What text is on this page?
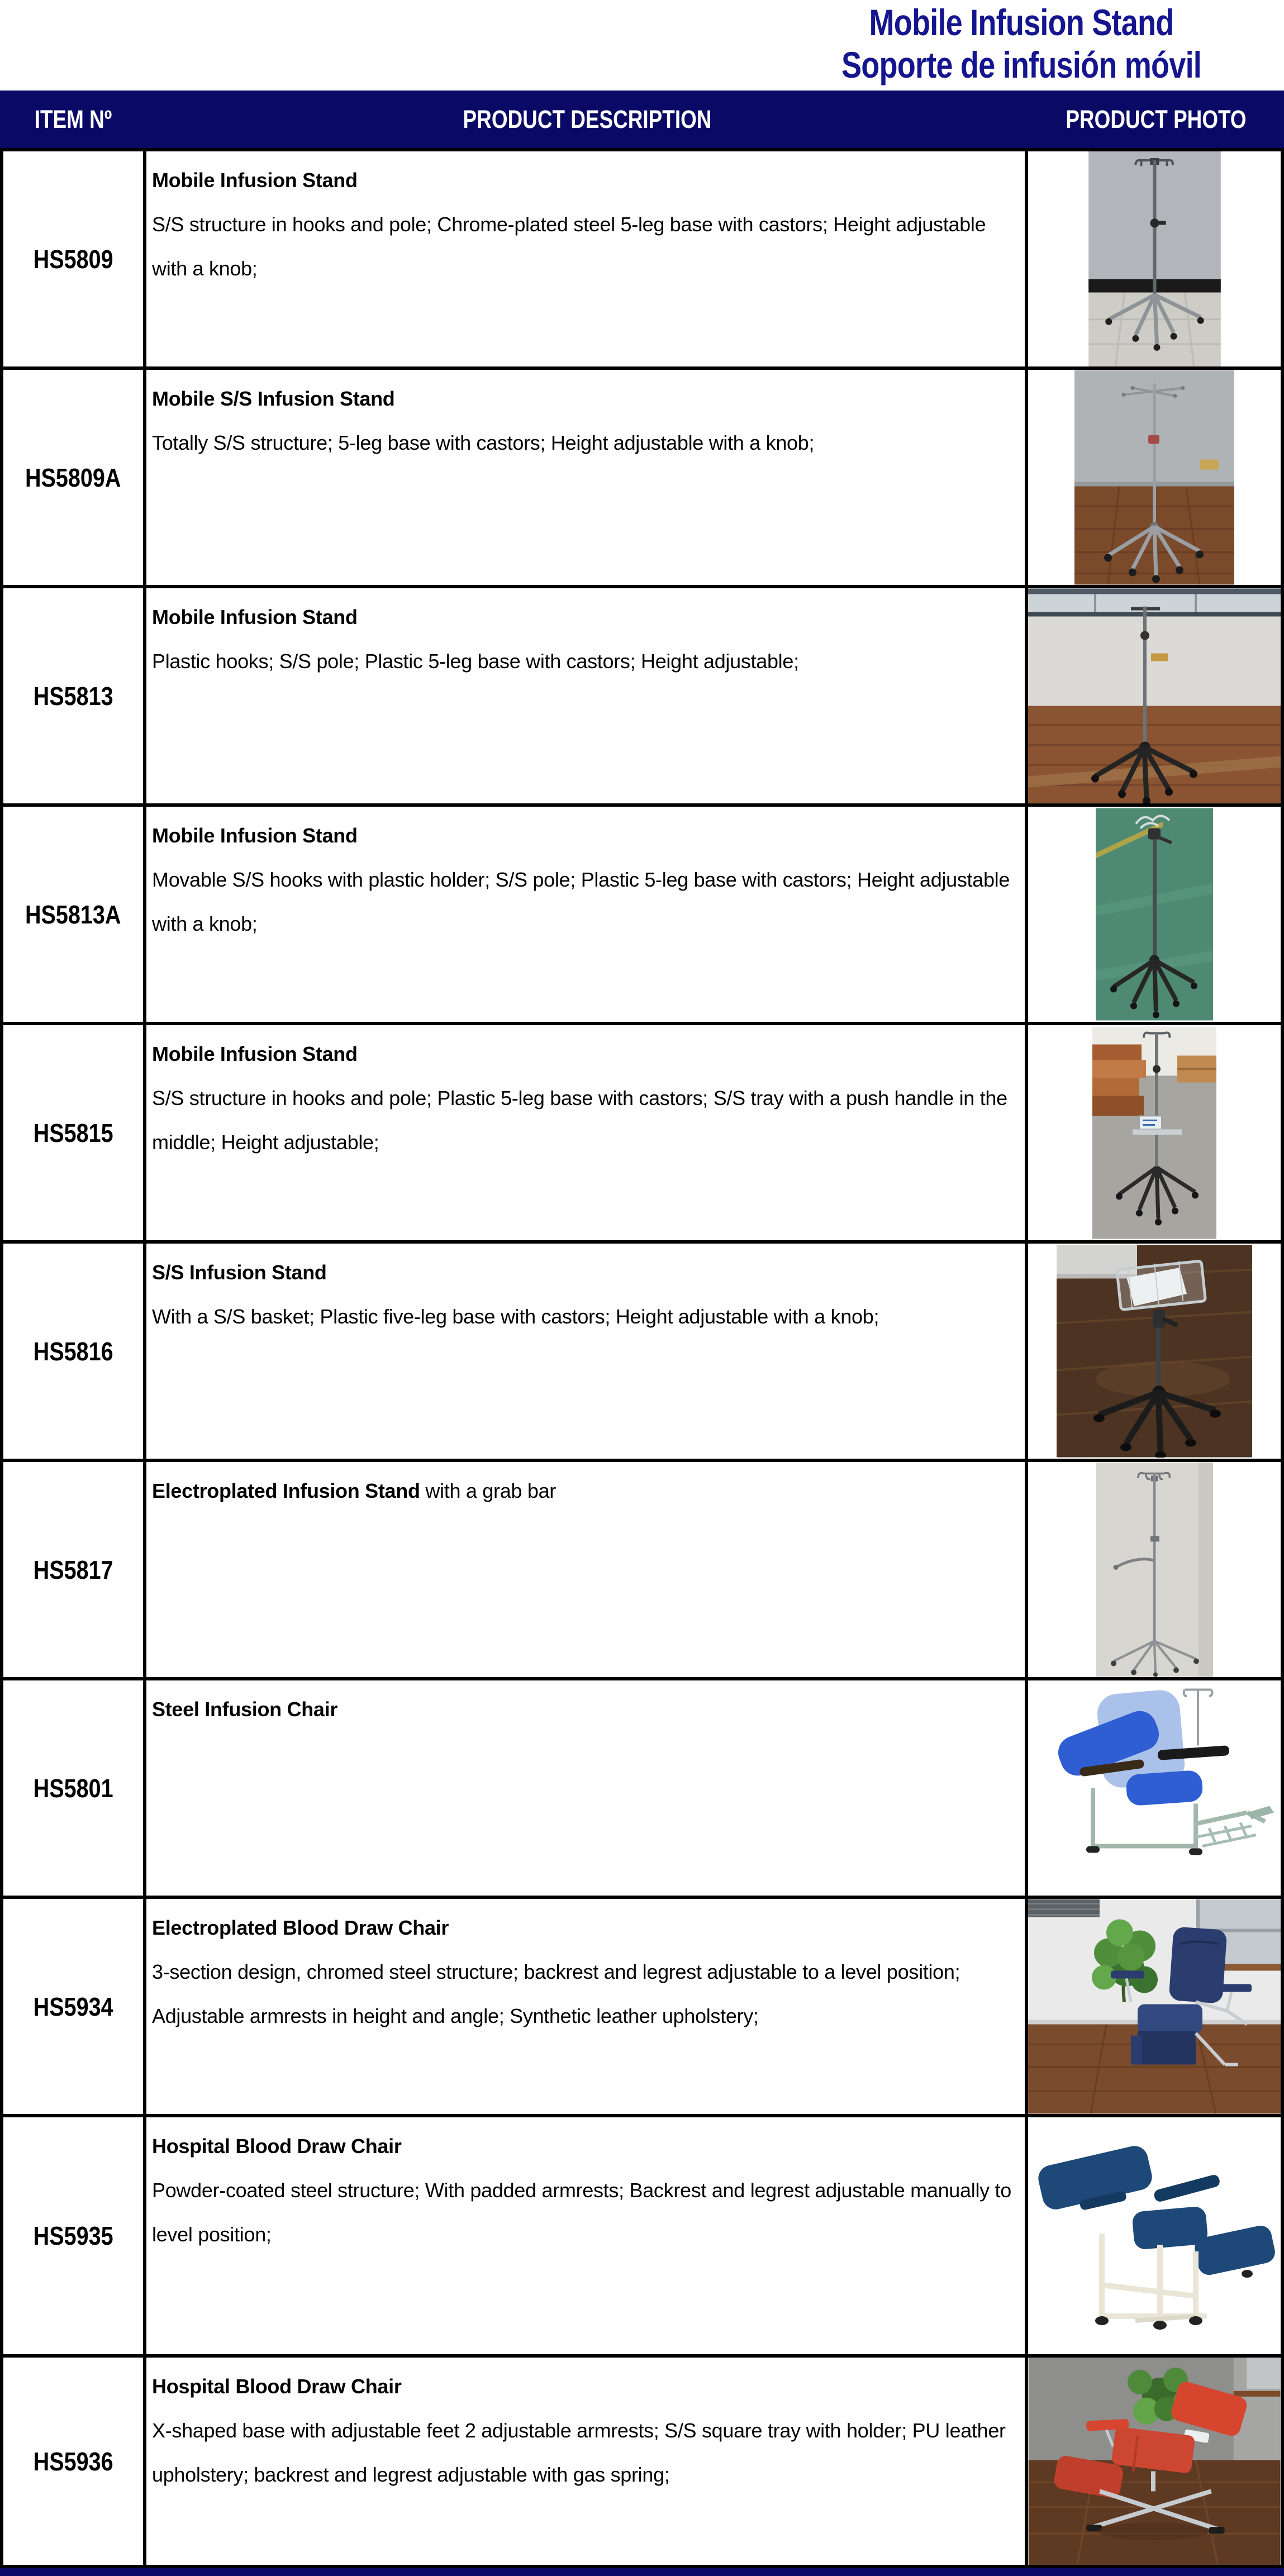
Mobile Infusion Stand
Soporte de infusión móvil
ITEM Nº	PRODUCT DESCRIPTION	PRODUCT PHOTO
HS5809
Mobile Infusion Stand
S/S structure in hooks and pole; Chrome-plated steel 5-leg base with castors; Height adjustable with a knob;
HS5809A
Mobile S/S Infusion Stand
Totally S/S structure; 5-leg base with castors; Height adjustable with a knob;
HS5813
Mobile Infusion Stand
Plastic hooks; S/S pole; Plastic 5-leg base with castors; Height adjustable;
HS5813A
Mobile Infusion Stand
Movable S/S hooks with plastic holder; S/S pole; Plastic 5-leg base with castors; Height adjustable with a knob;
HS5815
Mobile Infusion Stand
S/S structure in hooks and pole; Plastic 5-leg base with castors; S/S tray with a push handle in the middle; Height adjustable;
HS5816
S/S Infusion Stand
With a S/S basket; Plastic five-leg base with castors; Height adjustable with a knob;
HS5817
Electroplated Infusion Stand with a grab bar
HS5801
Steel Infusion Chair
HS5934
Electroplated Blood Draw Chair
3-section design, chromed steel structure; backrest and legrest adjustable to a level position; Adjustable armrests in height and angle; Synthetic leather upholstery;
HS5935
Hospital Blood Draw Chair
Powder-coated steel structure; With padded armrests; Backrest and legrest adjustable manually to level position;
HS5936
Hospital Blood Draw Chair
X-shaped base with adjustable feet 2 adjustable armrests; S/S square tray with holder; PU leather upholstery; backrest and legrest adjustable with gas spring;
